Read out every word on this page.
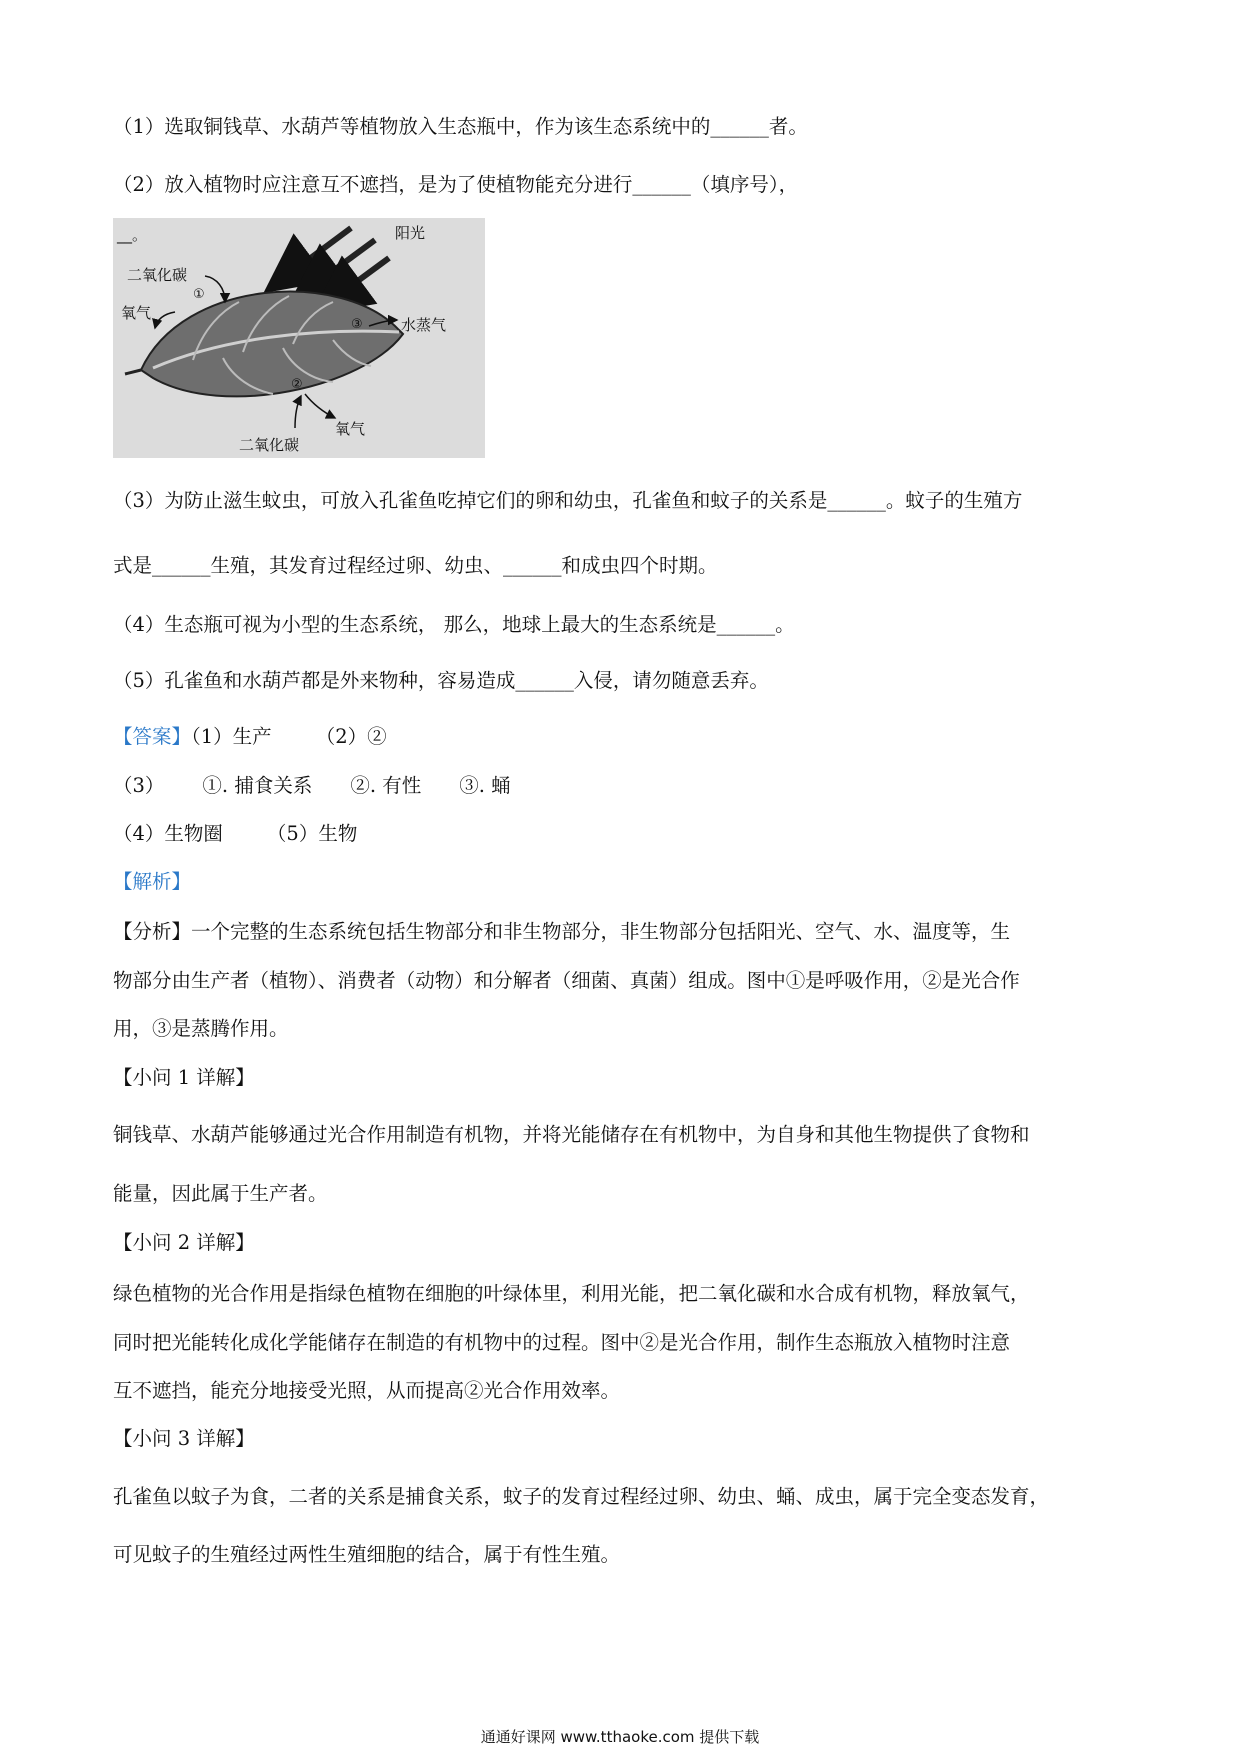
（1）选取铜钱草、水葫芦等植物放入生态瓶中，作为该生态系统中的______者。
（2）放入植物时应注意互不遮挡，是为了使植物能充分进行______（填序号），
__。	阳光
二氧化碳
①
氧气
③	水蒸气
②
氧气
二氧化碳
（3）为防止滋生蚊虫，可放入孔雀鱼吃掉它们的卵和幼虫，孔雀鱼和蚊子的关系是______。蚊子的生殖方
式是______生殖，其发育过程经过卵、幼虫、______和成虫四个时期。
（4）生态瓶可视为小型的生态系统， 那么，地球上最大的生态系统是______。
（5）孔雀鱼和水葫芦都是外来物种，容易造成______入侵，请勿随意丢弃。
【答案】（1）生产 （2）②
（3） ①. 捕食关系 ②. 有性 ③. 蛹
（4）生物圈 （5）生物
【解析】
【分析】一个完整的生态系统包括生物部分和非生物部分，非生物部分包括阳光、空气、水、温度等，生
物部分由生产者（植物）、消费者（动物）和分解者（细菌、真菌）组成。图中①是呼吸作用，②是光合作
用，③是蒸腾作用。
【小问 1 详解】
铜钱草、水葫芦能够通过光合作用制造有机物，并将光能储存在有机物中，为自身和其他生物提供了食物和
能量，因此属于生产者。
【小问 2 详解】
绿色植物的光合作用是指绿色植物在细胞的叶绿体里，利用光能，把二氧化碳和水合成有机物，释放氧气，
同时把光能转化成化学能储存在制造的有机物中的过程。图中②是光合作用，制作生态瓶放入植物时注意
互不遮挡，能充分地接受光照，从而提高②光合作用效率。
【小问 3 详解】
孔雀鱼以蚊子为食，二者的关系是捕食关系，蚊子的发育过程经过卵、幼虫、蛹、成虫，属于完全变态发育，
可见蚊子的生殖经过两性生殖细胞的结合，属于有性生殖。
通通好课网 www.tthaoke.com 提供下载
